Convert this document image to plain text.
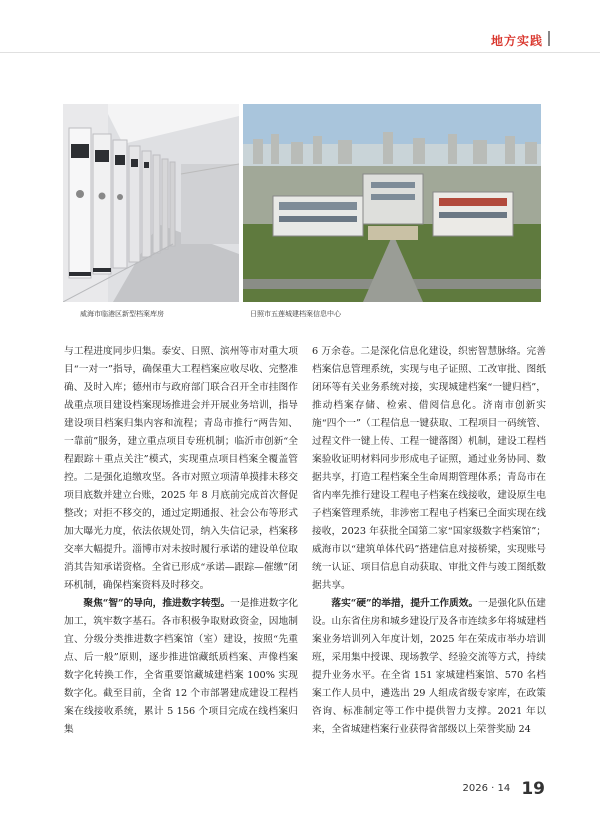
地方实践
威海市临港区新型档案库房	日照市五莲城建档案信息中心

与工程进度同步归集。泰安、日照、滨州等市对重大项目“一对一”指导，确保重大工程档案应收尽收、完整准确、及时入库；德州市与政府部门联合召开全市挂图作战重点项目建设档案现场推进会并开展业务培训，指导建设项目档案归集内容和流程；青岛市推行“两告知、一靠前”服务，建立重点项目专班机制；临沂市创新“全程跟踪＋重点关注”模式，实现重点项目档案全覆盖管控。二是强化追缴攻坚。各市对照立项清单摸排未移交项目底数并建立台账，2025 年 8 月底前完成首次督促整改；对拒不移交的，通过定期通报、社会公布等形式加大曝光力度，依法依规处罚，纳入失信记录，档案移交率大幅提升。淄博市对未按时履行承诺的建设单位取消其告知承诺资格。全省已形成“承诺—跟踪—催缴”闭环机制，确保档案资料及时移交。

聚焦“智”的导向，推进数字转型。一是推进数字化加工，筑牢数字基石。各市积极争取财政资金，因地制宜、分级分类推进数字档案馆（室）建设，按照“先重点、后一般”原则，逐步推进馆藏纸质档案、声像档案数字化转换工作，全省重要馆藏城建档案 100% 实现数字化。截至目前，全省 12 个市部署建成建设工程档案在线接收系统，累计 5 156 个项目完成在线档案归集

6 万余卷。二是深化信息化建设，织密智慧脉络。完善档案信息管理系统，实现与电子证照、工改审批、图纸闭环等有关业务系统对接，实现城建档案“一键归档”，推动档案存储、检索、借阅信息化。济南市创新实施“四个一”（工程信息一键获取、工程项目一码统管、过程文件一键上传、工程一键落图）机制，建设工程档案验收证明材料同步形成电子证照，通过业务协同、数据共享，打造工程档案全生命周期管理体系；青岛市在省内率先推行建设工程电子档案在线接收，建设原生电子档案管理系统，非涉密工程电子档案已全面实现在线接收，2023 年获批全国第二家“国家级数字档案馆”；威海市以“建筑单体代码”搭建信息对接桥梁，实现账号统一认证、项目信息自动获取、审批文件与竣工图纸数据共享。

落实“硬”的举措，提升工作质效。一是强化队伍建设。山东省住房和城乡建设厅及各市连续多年将城建档案业务培训列入年度计划，2025 年在荣成市举办培训班，采用集中授课、现场教学、经验交流等方式，持续提升业务水平。在全省 151 家城建档案馆、570 名档案工作人员中，遴选出 29 人组成省级专家库，在政策咨询、标准制定等工作中提供智力支撑。2021 年以来，全省城建档案行业获得省部级以上荣誉奖励 24

2026 · 14 19
